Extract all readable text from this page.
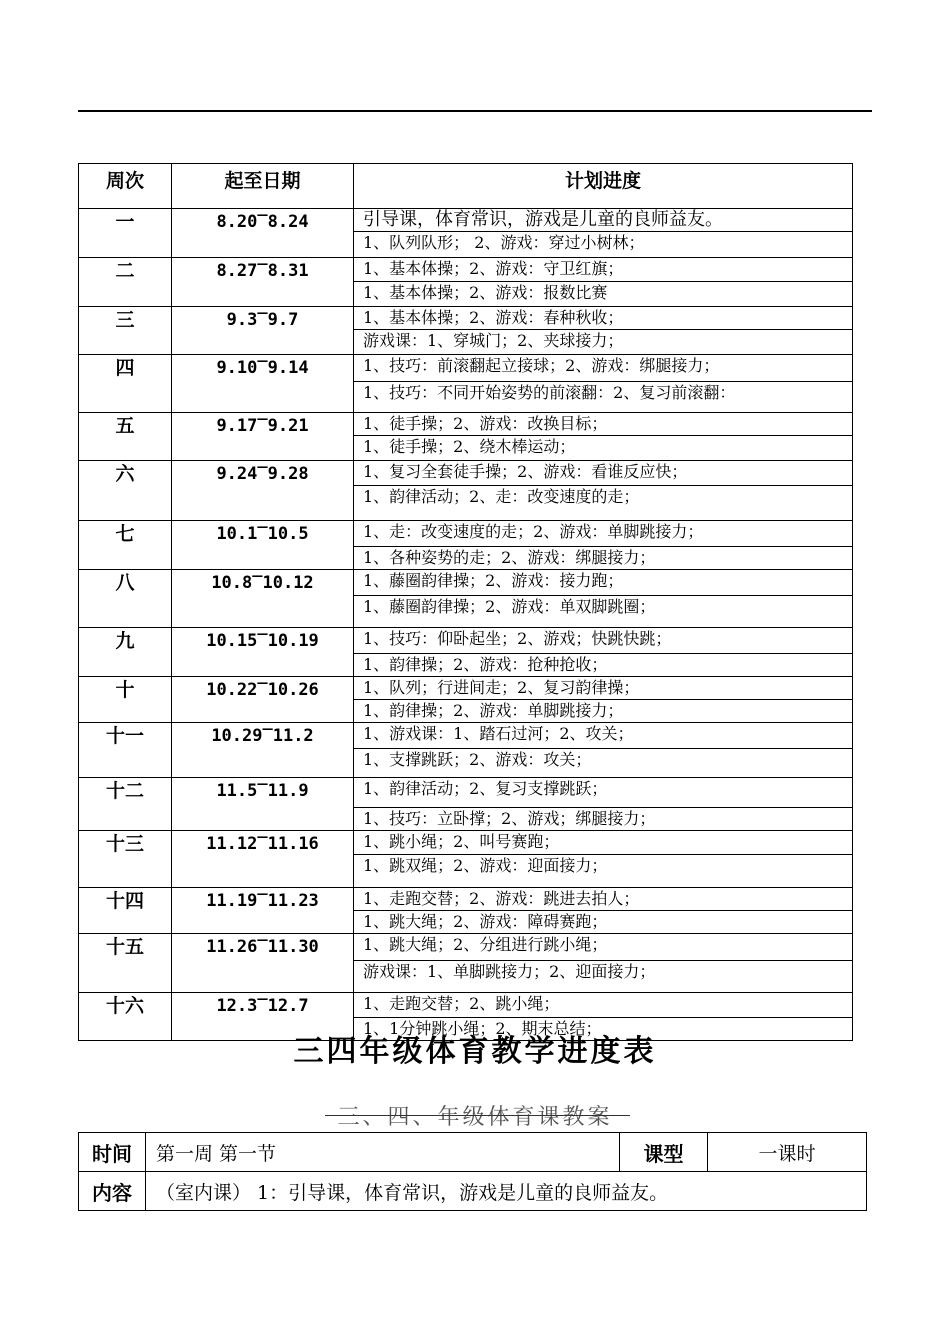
周次	起至日期	计划进度
一	8.20‾8.24	引导课，体育常识，游戏是儿童的良师益友。
		1、队列队形； 2、游戏：穿过小树林；
二	8.27‾8.31	1、基本体操；2、游戏：守卫红旗；
		1、基本体操；2、游戏：报数比赛
三	9.3‾9.7	1、基本体操；2、游戏：春种秋收；
		游戏课：1、穿城门；2、夹球接力；
四	9.10‾9.14	1、技巧：前滚翻起立接球；2、游戏：绑腿接力；
		1、技巧：不同开始姿势的前滚翻：2、复习前滚翻：
五	9.17‾9.21	1、徒手操；2、游戏：改换目标；
		1、徒手操；2、绕木棒运动；
六	9.24‾9.28	1、复习全套徒手操；2、游戏：看谁反应快；
		1、韵律活动；2、走：改变速度的走；
七	10.1‾10.5	1、走：改变速度的走；2、游戏：单脚跳接力；
		1、各种姿势的走；2、游戏：绑腿接力；
八	10.8‾10.12	1、藤圈韵律操；2、游戏：接力跑；
		1、藤圈韵律操；2、游戏：单双脚跳圈；
九	10.15‾10.19	1、技巧：仰卧起坐；2、游戏；快跳快跳；
		1、韵律操；2、游戏：抢种抢收；
十	10.22‾10.26	1、队列；行进间走；2、复习韵律操；
		1、韵律操；2、游戏：单脚跳接力；
十一	10.29‾11.2	1、游戏课：1、踏石过河；2、攻关；
		1、支撑跳跃；2、游戏：攻关；
十二	11.5‾11.9	1、韵律活动；2、复习支撑跳跃；
		1、技巧：立卧撑；2、游戏；绑腿接力；
十三	11.12‾11.16	1、跳小绳；2、叫号赛跑；
		1、跳双绳；2、游戏：迎面接力；
十四	11.19‾11.23	1、走跑交替；2、游戏：跳进去拍人；
		1、跳大绳；2、游戏：障碍赛跑；
十五	11.26‾11.30	1、跳大绳；2、分组进行跳小绳；
		游戏课：1、单脚跳接力；2、迎面接力；
十六	12.3‾12.7	1、走跑交替；2、跳小绳；
		1、1分钟跳小绳；2、期末总结；
三四年级体育教学进度表
三、四、年级体育课教案
时间	第一周 第一节	课型	一课时
内容	（室内课） 1：引导课，体育常识，游戏是儿童的良师益友。		
